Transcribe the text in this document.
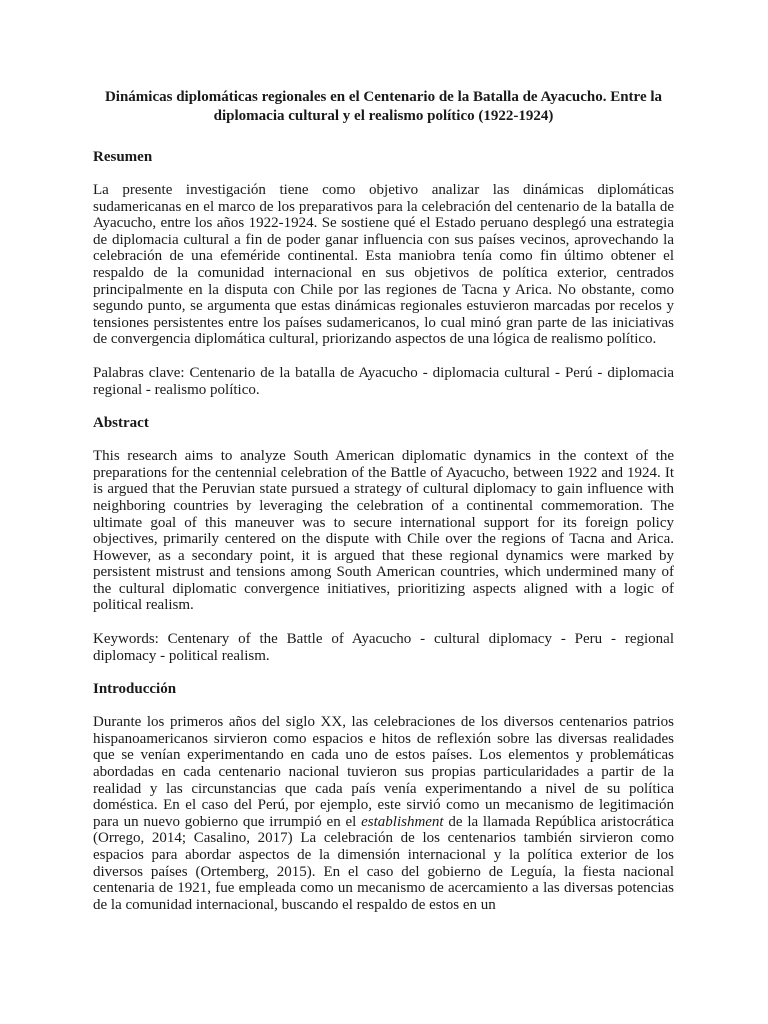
Dinámicas diplomáticas regionales en el Centenario de la Batalla de Ayacucho. Entre la diplomacia cultural y el realismo político (1922-1924)
Resumen

La presente investigación tiene como objetivo analizar las dinámicas diplomáticas sudamericanas en el marco de los preparativos para la celebración del centenario de la batalla de Ayacucho, entre los años 1922-1924. Se sostiene qué el Estado peruano desplegó una estrategia de diplomacia cultural a fin de poder ganar influencia con sus países vecinos, aprovechando la celebración de una efeméride continental. Esta maniobra tenía como fin último obtener el respaldo de la comunidad internacional en sus objetivos de política exterior, centrados principalmente en la disputa con Chile por las regiones de Tacna y Arica. No obstante, como segundo punto, se argumenta que estas dinámicas regionales estuvieron marcadas por recelos y tensiones persistentes entre los países sudamericanos, lo cual minó gran parte de las iniciativas de convergencia diplomática cultural, priorizando aspectos de una lógica de realismo político.

Palabras clave: Centenario de la batalla de Ayacucho - diplomacia cultural - Perú - diplomacia regional - realismo político.

Abstract

This research aims to analyze South American diplomatic dynamics in the context of the preparations for the centennial celebration of the Battle of Ayacucho, between 1922 and 1924. It is argued that the Peruvian state pursued a strategy of cultural diplomacy to gain influence with neighboring countries by leveraging the celebration of a continental commemoration. The ultimate goal of this maneuver was to secure international support for its foreign policy objectives, primarily centered on the dispute with Chile over the regions of Tacna and Arica. However, as a secondary point, it is argued that these regional dynamics were marked by persistent mistrust and tensions among South American countries, which undermined many of the cultural diplomatic convergence initiatives, prioritizing aspects aligned with a logic of political realism.

Keywords: Centenary of the Battle of Ayacucho - cultural diplomacy - Peru - regional diplomacy - political realism.

Introducción

Durante los primeros años del siglo XX, las celebraciones de los diversos centenarios patrios hispanoamericanos sirvieron como espacios e hitos de reflexión sobre las diversas realidades que se venían experimentando en cada uno de estos países. Los elementos y problemáticas abordadas en cada centenario nacional tuvieron sus propias particularidades a partir de la realidad y las circunstancias que cada país venía experimentando a nivel de su política doméstica. En el caso del Perú, por ejemplo, este sirvió como un mecanismo de legitimación para un nuevo gobierno que irrumpió en el establishment de la llamada República aristocrática (Orrego, 2014; Casalino, 2017) La celebración de los centenarios también sirvieron como espacios para abordar aspectos de la dimensión internacional y la política exterior de los diversos países (Ortemberg, 2015). En el caso del gobierno de Leguía, la fiesta nacional centenaria de 1921, fue empleada como un mecanismo de acercamiento a las diversas potencias de la comunidad internacional, buscando el respaldo de estos en un
